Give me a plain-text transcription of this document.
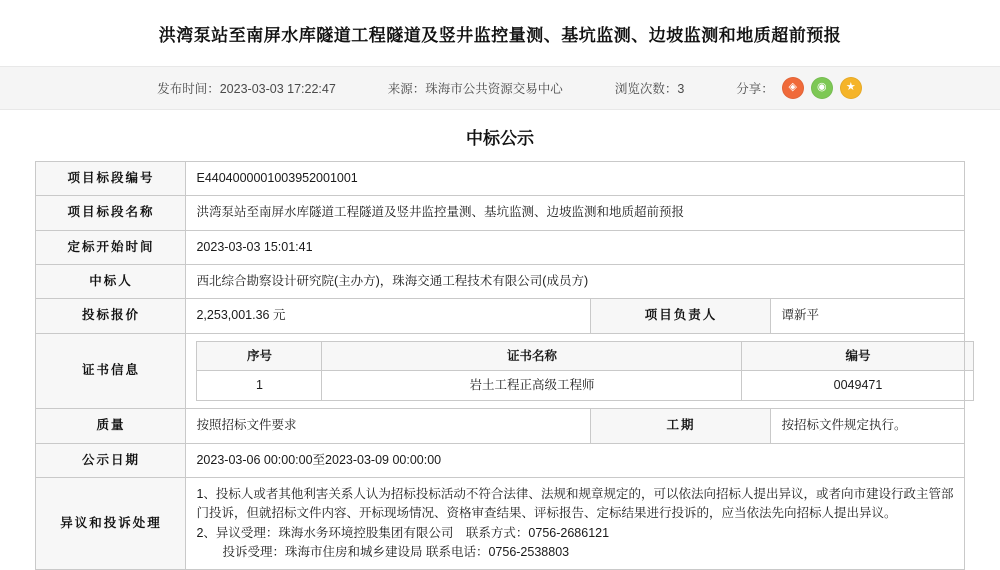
洪湾泵站至南屏水库隧道工程隧道及竖井监控量测、基坑监测、边坡监测和地质超前预报
发布时间：2023-03-03 17:22:47	来源：珠海市公共资源交易中心	浏览次数：3	分享：	◈	◉	★
中标公示
项目标段编号	E4404000001003952001001
项目标段名称	洪湾泵站至南屏水库隧道工程隧道及竖井监控量测、基坑监测、边坡监测和地质超前预报
定标开始时间	2023-03-03 15:01:41
中标人	西北综合勘察设计研究院(主办方)，珠海交通工程技术有限公司(成员方)
投标报价	2,253,001.36 元	项目负责人	谭新平
证书信息	
序号	证书名称	编号
1	岩土工程正高级工程师	0049471

质量	按照招标文件要求	工期	按招标文件规定执行。
公示日期	2023-03-06 00:00:00至2023-03-09 00:00:00
异议和投诉处理	

1、投标人或者其他利害关系人认为招标投标活动不符合法律、法规和规章规定的，可以依法向招标人提出异议，或者向市建设行政主管部门投诉，但就招标文件内容、开标现场情况、资格审查结果、评标报告、定标结果进行投诉的，应当依法先向招标人提出异议。

2、异议受理：珠海水务环境控股集团有限公司　联系方式：0756-2686121

投诉受理：珠海市住房和城乡建设局 联系电话：0756-2538803
